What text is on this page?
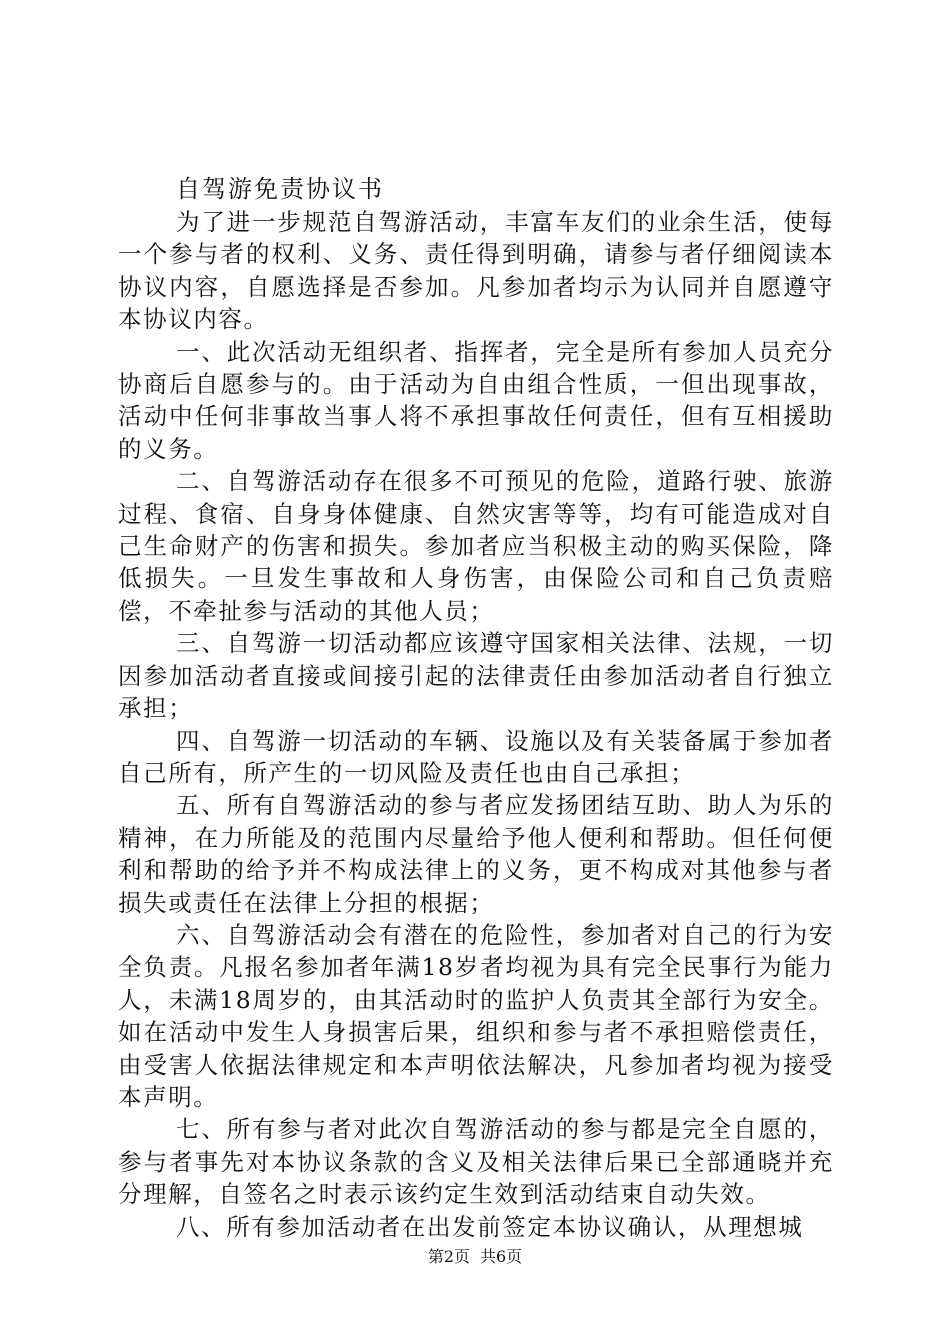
自驾游免责协议书

为了进一步规范自驾游活动，丰富车友们的业余生活，使每一个参与者的权利、义务、责任得到明确，请参与者仔细阅读本协议内容，自愿选择是否参加。凡参加者均示为认同并自愿遵守本协议内容。

一、此次活动无组织者、指挥者，完全是所有参加人员充分协商后自愿参与的。由于活动为自由组合性质，一但出现事故，活动中任何非事故当事人将不承担事故任何责任，但有互相援助的义务。

二、自驾游活动存在很多不可预见的危险，道路行驶、旅游过程、食宿、自身身体健康、自然灾害等等，均有可能造成对自己生命财产的伤害和损失。参加者应当积极主动的购买保险，降低损失。一旦发生事故和人身伤害，由保险公司和自己负责赔偿，不牵扯参与活动的其他人员；

三、自驾游一切活动都应该遵守国家相关法律、法规，一切因参加活动者直接或间接引起的法律责任由参加活动者自行独立承担；

四、自驾游一切活动的车辆、设施以及有关装备属于参加者自己所有，所产生的一切风险及责任也由自己承担；

五、所有自驾游活动的参与者应发扬团结互助、助人为乐的精神，在力所能及的范围内尽量给予他人便利和帮助。但任何便利和帮助的给予并不构成法律上的义务，更不构成对其他参与者损失或责任在法律上分担的根据；

六、自驾游活动会有潜在的危险性，参加者对自己的行为安全负责。凡报名参加者年满18岁者均视为具有完全民事行为能力人，未满18周岁的，由其活动时的监护人负责其全部行为安全。如在活动中发生人身损害后果，组织和参与者不承担赔偿责任，由受害人依据法律规定和本声明依法解决，凡参加者均视为接受本声明。

七、所有参与者对此次自驾游活动的参与都是完全自愿的，参与者事先对本协议条款的含义及相关法律后果已全部通晓并充分理解，自签名之时表示该约定生效到活动结束自动失效。

八、所有参加活动者在出发前签定本协议确认，从理想城

第2页 共6页
